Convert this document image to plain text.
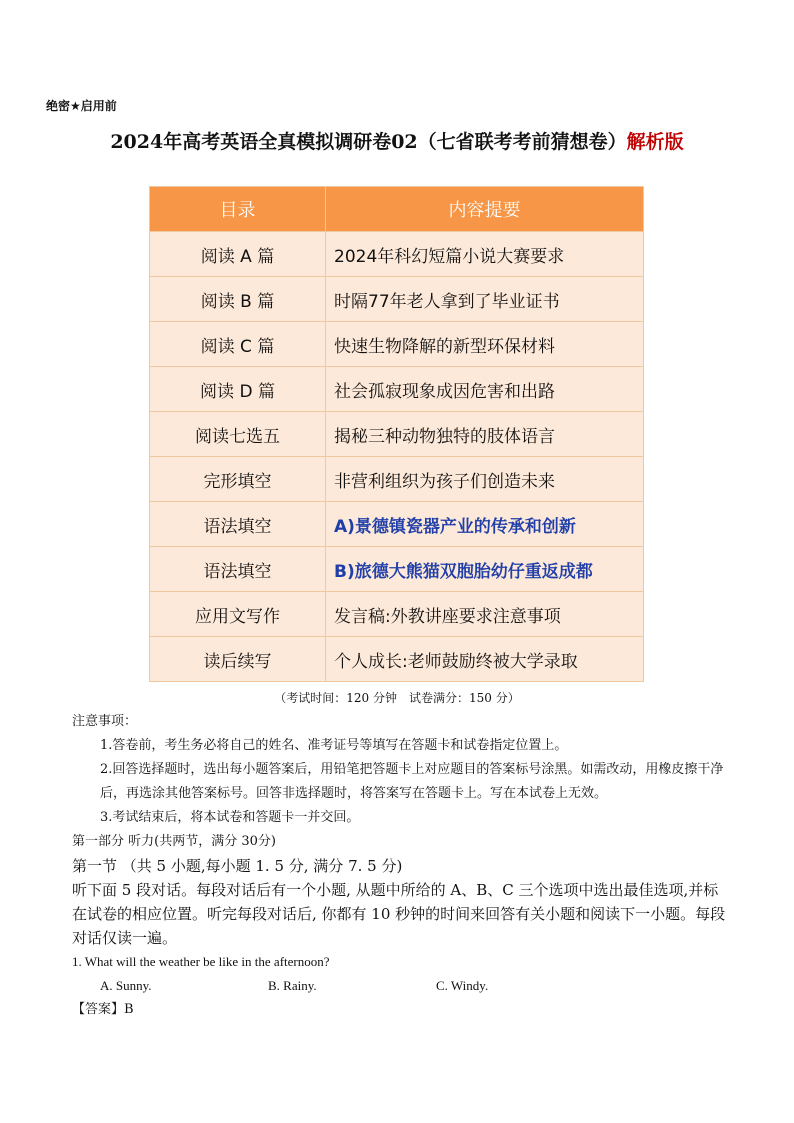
绝密★启用前
2024年高考英语全真模拟调研卷02（七省联考考前猜想卷）解析版
目录	内容提要
阅读 A 篇	2024年科幻短篇小说大赛要求
阅读 B 篇	时隔77年老人拿到了毕业证书
阅读 C 篇	快速生物降解的新型环保材料
阅读 D 篇	社会孤寂现象成因危害和出路
阅读七选五	揭秘三种动物独特的肢体语言
完形填空	非营利组织为孩子们创造未来
语法填空	A)景德镇瓷器产业的传承和创新
语法填空	B)旅德大熊猫双胞胎幼仔重返成都
应用文写作	发言稿:外教讲座要求注意事项
读后续写	个人成长:老师鼓励终被大学录取
（考试时间：120 分钟　试卷满分：150 分）
注意事项：
1.答卷前，考生务必将自己的姓名、准考证号等填写在答题卡和试卷指定位置上。
2.回答选择题时，选出每小题答案后，用铅笔把答题卡上对应题目的答案标号涂黑。如需改动，用橡皮擦干净后，再选涂其他答案标号。回答非选择题时，将答案写在答题卡上。写在本试卷上无效。
3.考试结束后，将本试卷和答题卡一并交回。
第一部分 听力(共两节，满分 30分)
第一节 （共 5 小题,每小题 1. 5 分, 满分 7. 5 分)
听下面 5 段对话。每段对话后有一个小题, 从题中所给的 A、B、C 三个选项中选出最佳选项,并标在试卷的相应位置。听完每段对话后, 你都有 10 秒钟的时间来回答有关小题和阅读下一小题。每段对话仅读一遍。
1. What will the weather be like in the afternoon?
A. Sunny.	B. Rainy.	C. Windy.
【答案】B
